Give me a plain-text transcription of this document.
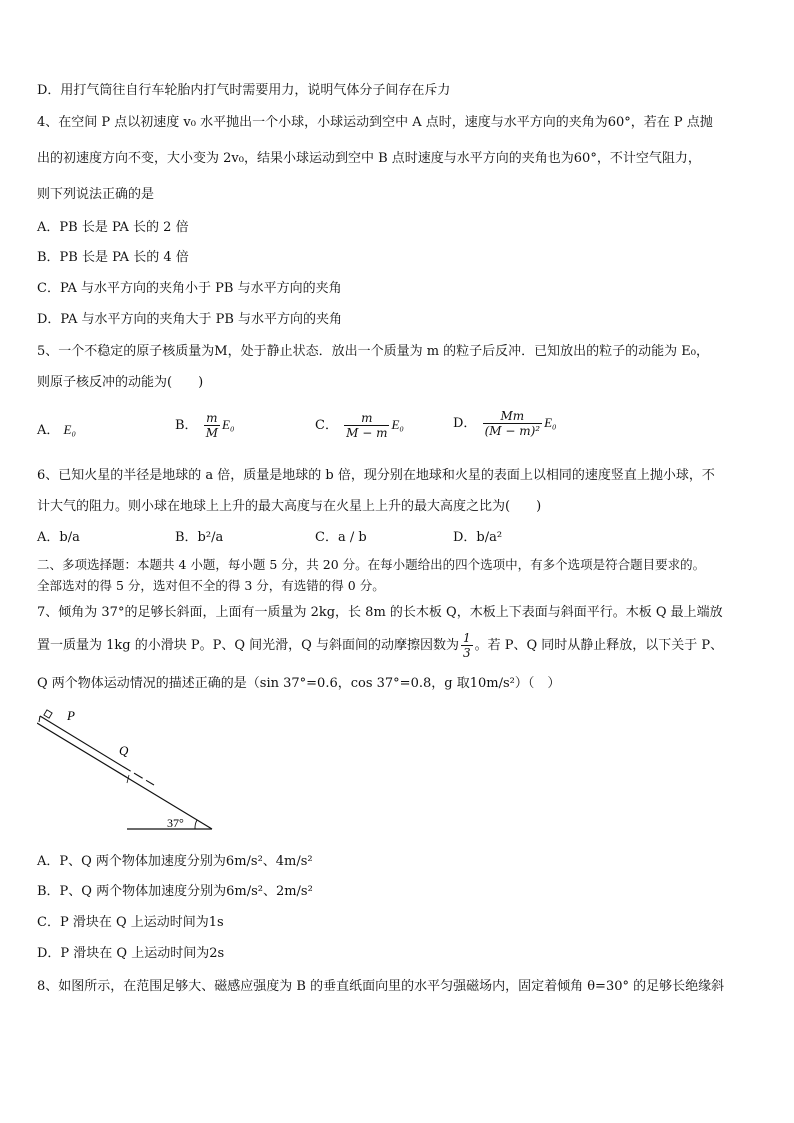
D．用打气筒往自行车轮胎内打气时需要用力，说明气体分子间存在斥力
4、在空间 P 点以初速度 v₀ 水平抛出一个小球，小球运动到空中 A 点时，速度与水平方向的夹角为60°，若在 P 点抛
出的初速度方向不变，大小变为 2v₀，结果小球运动到空中 B 点时速度与水平方向的夹角也为60°，不计空气阻力，
则下列说法正确的是
A．PB 长是 PA 长的 2 倍
B．PB 长是 PA 长的 4 倍
C．PA 与水平方向的夹角小于 PB 与水平方向的夹角
D．PA 与水平方向的夹角大于 PB 与水平方向的夹角
5、一个不稳定的原子核质量为M，处于静止状态．放出一个质量为 m 的粒子后反冲．已知放出的粒子的动能为 E₀，
则原子核反冲的动能为(　　)
A． E₀	B． $\frac{m}{M} E_0$	C． $\frac{m}{M - m} E_0$	D． $\frac{Mm}{\text{(M − m)²}} E_0$
6、已知火星的半径是地球的 a 倍，质量是地球的 b 倍，现分别在地球和火星的表面上以相同的速度竖直上抛小球，不
计大气的阻力。则小球在地球上上升的最大高度与在火星上上升的最大高度之比为(　　)
A．b/a	B．b²/a	C．a / b	D．b/a²
二、多项选择题：本题共 4 小题，每小题 5 分，共 20 分。在每小题给出的四个选项中，有多个选项是符合题目要求的。
全部选对的得 5 分，选对但不全的得 3 分，有选错的得 0 分。
7、倾角为 37°的足够长斜面，上面有一质量为 2kg，长 8m 的长木板 Q，木板上下表面与斜面平行。木板 Q 最上端放
置一质量为 1kg 的小滑块 P。P、Q 间光滑，Q 与斜面间的动摩擦因数为 $\frac{1}{3}$ 。若 P、Q 同时从静止释放，以下关于 P、
Q 两个物体运动情况的描述正确的是（sin 37°=0.6，cos 37°=0.8，g 取10m/s²）（　）
P
Q
37°
A．P、Q 两个物体加速度分别为6m/s²、4m/s²
B．P、Q 两个物体加速度分别为6m/s²、2m/s²
C．P 滑块在 Q 上运动时间为1s
D．P 滑块在 Q 上运动时间为2s
8、如图所示，在范围足够大、磁感应强度为 B 的垂直纸面向里的水平匀强磁场内，固定着倾角 θ=30° 的足够长绝缘斜
